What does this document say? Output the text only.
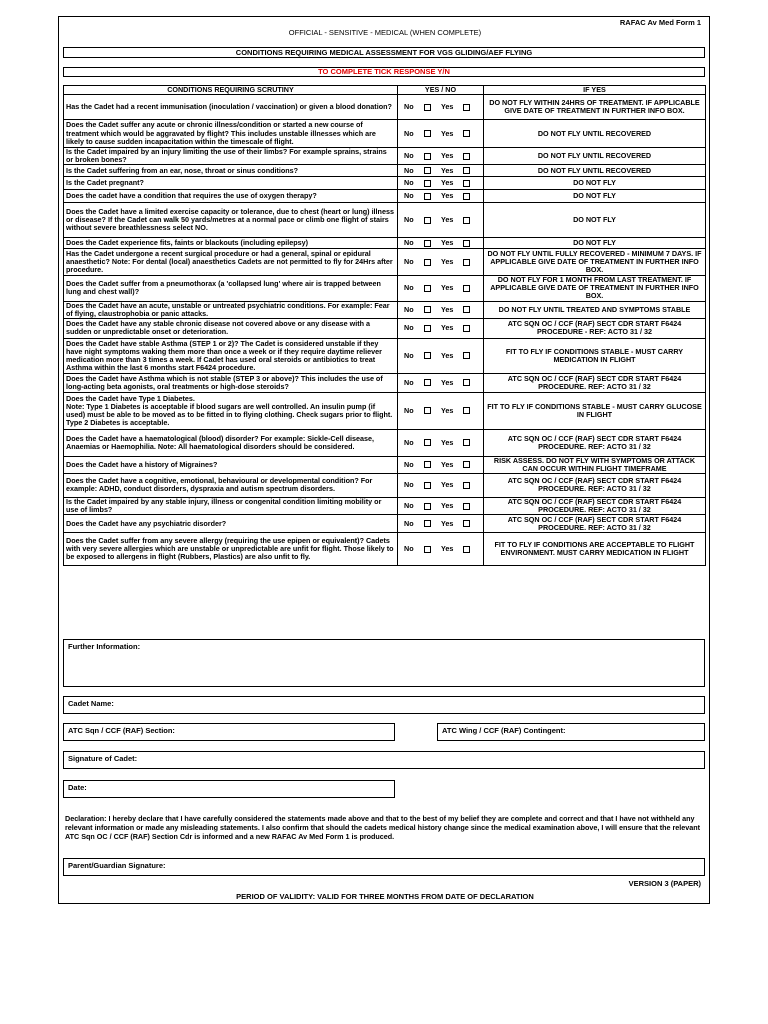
RAFAC Av Med Form 1
OFFICIAL - SENSITIVE - MEDICAL (WHEN COMPLETE)
CONDITIONS REQUIRING MEDICAL ASSESSMENT FOR VGS GLIDING/AEF FLYING
TO COMPLETE TICK RESPONSE Y/N
CONDITIONS REQUIRING SCRUTINY	YES / NO	IF YES
Has the Cadet had a recent immunisation (inoculation / vaccination) or given a blood donation?	No Yes	DO NOT FLY WITHIN 24HRS OF TREATMENT. IF APPLICABLE GIVE DATE OF TREATMENT IN FURTHER INFO BOX.
Does the Cadet suffer any acute or chronic illness/condition or started a new course of treatment which would be aggravated by flight? This includes unstable illnesses which are likely to cause sudden incapacitation within the timescale of flight.	No Yes	DO NOT FLY UNTIL RECOVERED
Is the Cadet impaired by an injury limiting the use of their limbs? For example sprains, strains or broken bones?	No Yes	DO NOT FLY UNTIL RECOVERED
Is the Cadet suffering from an ear, nose, throat or sinus conditions?	No Yes	DO NOT FLY UNTIL RECOVERED
Is the Cadet pregnant?	No Yes	DO NOT FLY
Does the cadet have a condition that requires the use of oxygen therapy?	No Yes	DO NOT FLY
Does the Cadet have a limited exercise capacity or tolerance, due to chest (heart or lung) illness or disease? If the Cadet can walk 50 yards/metres at a normal pace or climb one flight of stairs without severe breathlessness select NO.	No Yes	DO NOT FLY
Does the Cadet experience fits, faints or blackouts (including epilepsy)	No Yes	DO NOT FLY
Has the Cadet undergone a recent surgical procedure or had a general, spinal or epidural anaesthetic? Note: For dental (local) anaesthetics Cadets are not permitted to fly for 24Hrs after procedure.	No Yes	DO NOT FLY UNTIL FULLY RECOVERED - MINIMUM 7 DAYS. IF APPLICABLE GIVE DATE OF TREATMENT IN FURTHER INFO BOX.
Does the Cadet suffer from a pneumothorax (a 'collapsed lung' where air is trapped between lung and chest wall)?	No Yes	DO NOT FLY FOR 1 MONTH FROM LAST TREATMENT. IF APPLICABLE GIVE DATE OF TREATMENT IN FURTHER INFO BOX.
Does the Cadet have an acute, unstable or untreated psychiatric conditions. For example: Fear of flying, claustrophobia or panic attacks.	No Yes	DO NOT FLY UNTIL TREATED AND SYMPTOMS STABLE
Does the Cadet have any stable chronic disease not covered above or any disease with a sudden or unpredictable onset or deterioration.	No Yes	ATC SQN OC / CCF (RAF) SECT CDR START F6424 PROCEDURE - REF: ACTO 31 / 32
Does the Cadet have stable Asthma (STEP 1 or 2)? The Cadet is considered unstable if they have night symptoms waking them more than once a week or if they require daytime reliever medication more than 3 times a week. If Cadet has used oral steroids or antibiotics to treat Asthma within the last 6 months start F6424 procedure.	No Yes	FIT TO FLY IF CONDITIONS STABLE - MUST CARRY MEDICATION IN FLIGHT
Does the Cadet have Asthma which is not stable (STEP 3 or above)? This includes the use of long-acting beta agonists, oral treatments or high-dose steroids?	No Yes	ATC SQN OC / CCF (RAF) SECT CDR START F6424 PROCEDURE. REF: ACTO 31 / 32
Does the Cadet have Type 1 Diabetes.
Note: Type 1 Diabetes is acceptable if blood sugars are well controlled. An insulin pump (if used) must be able to be moved as to be fitted in to flying clothing. Check sugars prior to flight.
Type 2 Diabetes is acceptable.	No Yes	FIT TO FLY IF CONDITIONS STABLE - MUST CARRY GLUCOSE IN FLIGHT
Does the Cadet have a haematological (blood) disorder? For example: Sickle-Cell disease, Anaemias or Haemophilia. Note: All haematological disorders should be considered.	No Yes	ATC SQN OC / CCF (RAF) SECT CDR START F6424 PROCEDURE. REF: ACTO 31 / 32
Does the Cadet have a history of Migraines?	No Yes	RISK ASSESS. DO NOT FLY WITH SYMPTOMS OR ATTACK CAN OCCUR WITHIN FLIGHT TIMEFRAME
Does the Cadet have a cognitive, emotional, behavioural or developmental condition? For example: ADHD, conduct disorders, dyspraxia and autism spectrum disorders.	No Yes	ATC SQN OC / CCF (RAF) SECT CDR START F6424 PROCEDURE. REF: ACTO 31 / 32
Is the Cadet impaired by any stable injury, illness or congenital condition limiting mobility or use of limbs?	No Yes	ATC SQN OC / CCF (RAF) SECT CDR START F6424 PROCEDURE. REF: ACTO 31 / 32
Does the Cadet have any psychiatric disorder?	No Yes	ATC SQN OC / CCF (RAF) SECT CDR START F6424 PROCEDURE. REF: ACTO 31 / 32
Does the Cadet suffer from any severe allergy (requiring the use epipen or equivalent)? Cadets with very severe allergies which are unstable or unpredictable are unfit for flight. Those likely to be exposed to allergens in flight (Rubbers, Plastics) are also unfit to fly.	No Yes	FIT TO FLY IF CONDITIONS ARE ACCEPTABLE TO FLIGHT ENVIRONMENT. MUST CARRY MEDICATION IN FLIGHT
Further Information:
Cadet Name:
ATC Sqn / CCF (RAF) Section:	ATC Wing / CCF (RAF) Contingent:
Signature of Cadet:
Date:
Declaration: I hereby declare that I have carefully considered the statements made above and that to the best of my belief they are complete and correct and that I have not withheld any relevant information or made any misleading statements. I also confirm that should the cadets medical history change since the medical examination above, I will ensure that the relevant ATC Sqn OC / CCF (RAF) Section Cdr is informed and a new RAFAC Av Med Form 1 is produced.
Parent/Guardian Signature:
VERSION 3 (PAPER)
PERIOD OF VALIDITY: VALID FOR THREE MONTHS FROM DATE OF DECLARATION
